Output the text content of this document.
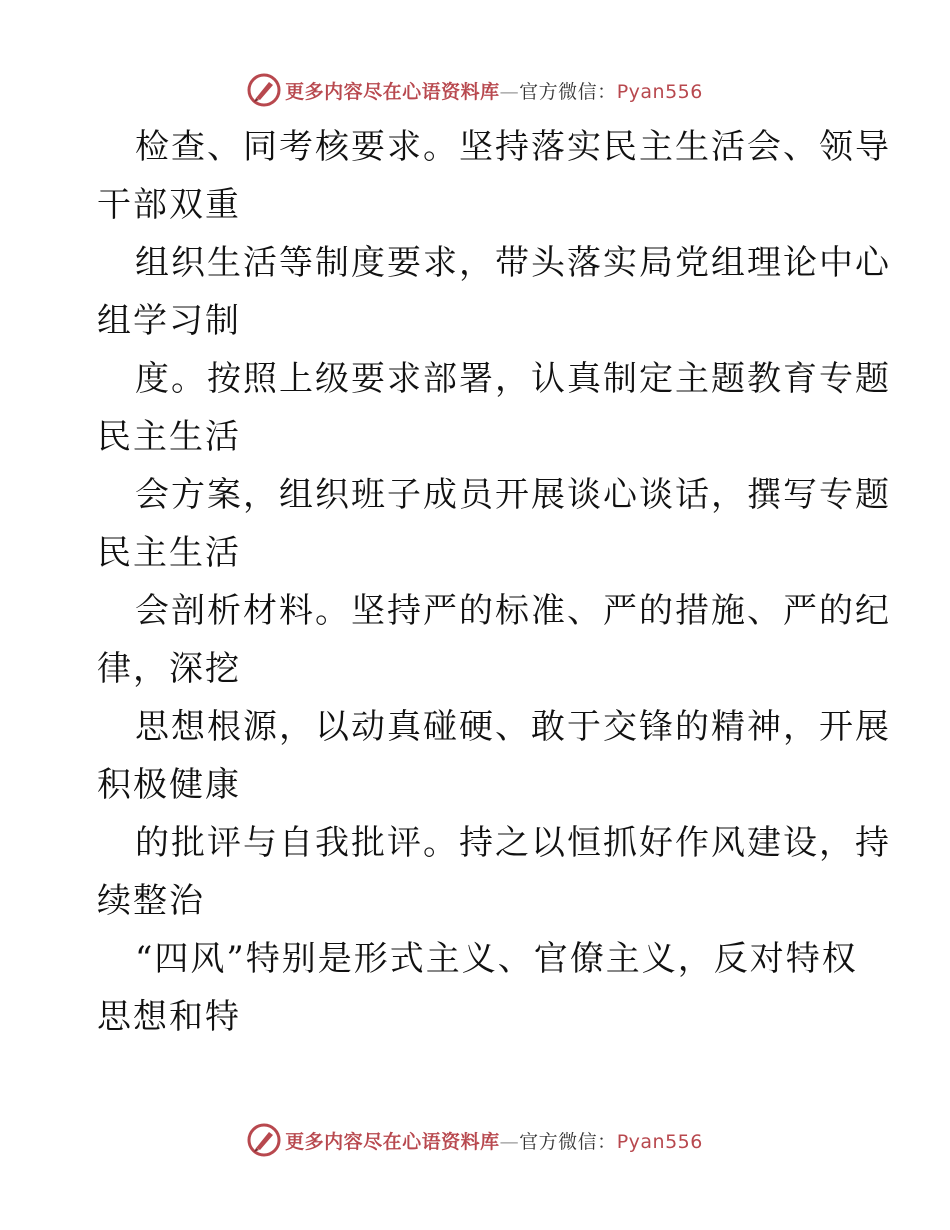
更多内容尽在心语资料库—官方微信：Pyan556
检查、同考核要求。坚持落实民主生活会、领导
干部双重
组织生活等制度要求，带头落实局党组理论中心
组学习制
度。按照上级要求部署，认真制定主题教育专题
民主生活
会方案，组织班子成员开展谈心谈话，撰写专题
民主生活
会剖析材料。坚持严的标准、严的措施、严的纪
律，深挖
思想根源，以动真碰硬、敢于交锋的精神，开展
积极健康
的批评与自我批评。持之以恒抓好作风建设，持
续整治
“四风”特别是形式主义、官僚主义，反对特权
思想和特
更多内容尽在心语资料库—官方微信：Pyan556
